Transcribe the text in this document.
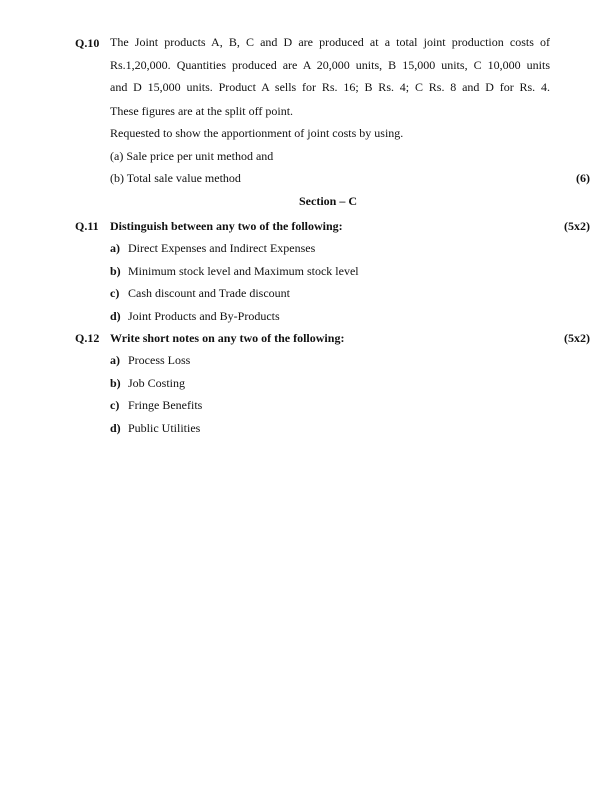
Q.10 The Joint products A, B, C and D are produced at a total joint production costs of
Rs.1,20,000. Quantities produced are A 20,000 units, B 15,000 units, C 10,000 units
and D 15,000 units. Product A sells for Rs. 16; B Rs. 4; C Rs. 8 and D for Rs. 4.
These figures are at the split off point.
Requested to show the apportionment of joint costs by using.
(a) Sale price per unit method and
(b) Total sale value method	(6)
Section – C
Q.11 Distinguish between any two of the following:	(5x2)
a) Direct Expenses and Indirect Expenses
b) Minimum stock level and Maximum stock level
c) Cash discount and Trade discount
d) Joint Products and By-Products
Q.12 Write short notes on any two of the following:	(5x2)
a) Process Loss
b) Job Costing
c) Fringe Benefits
d) Public Utilities
